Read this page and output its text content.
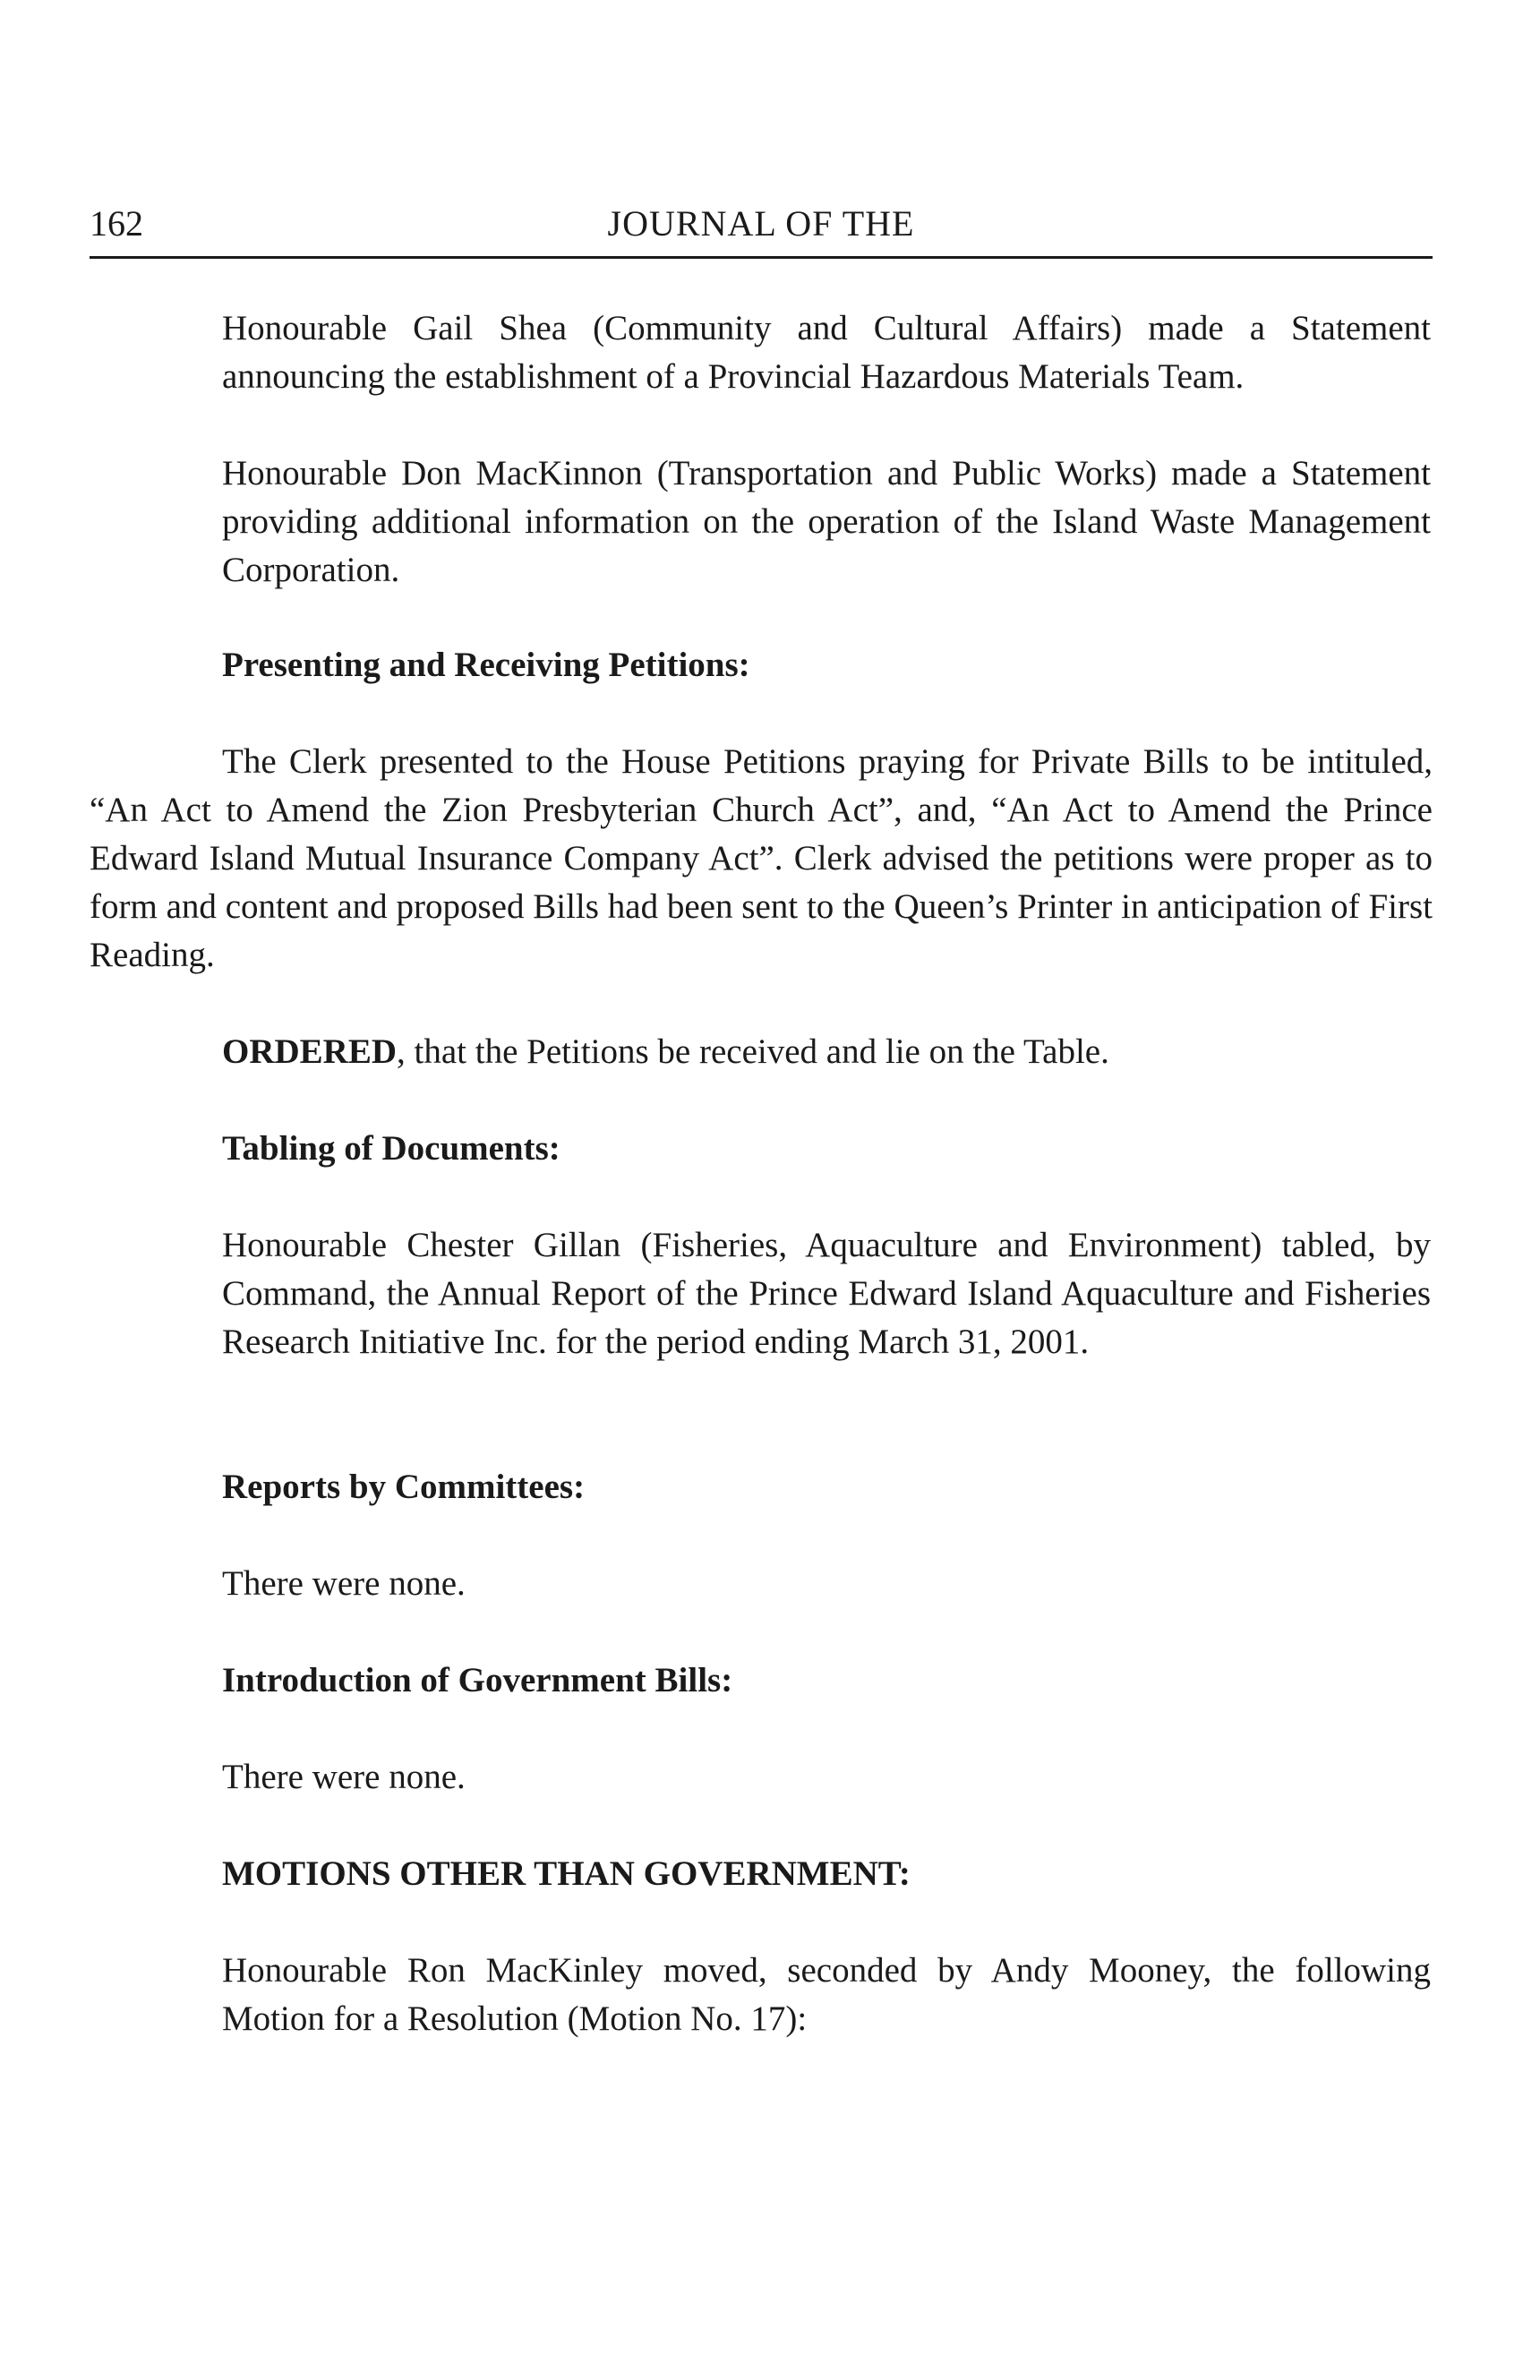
162	JOURNAL OF THE

Honourable Gail Shea (Community and Cultural Affairs) made a Statement announcing the establishment of a Provincial Hazardous Materials Team.

Honourable Don MacKinnon (Transportation and Public Works) made a Statement providing additional information on the operation of the Island Waste Management Corporation.

Presenting and Receiving Petitions:

The Clerk presented to the House Petitions praying for Private Bills to be intituled, “An Act to Amend the Zion Presbyterian Church Act”, and, “An Act to Amend the Prince Edward Island Mutual Insurance Company Act”. Clerk advised the petitions were proper as to form and content and proposed Bills had been sent to the Queen’s Printer in anticipation of First Reading.

ORDERED, that the Petitions be received and lie on the Table.

Tabling of Documents:

Honourable Chester Gillan (Fisheries, Aquaculture and Environment) tabled, by Command, the Annual Report of the Prince Edward Island Aquaculture and Fisheries Research Initiative Inc. for the period ending March 31, 2001.

Reports by Committees:

There were none.

Introduction of Government Bills:

There were none.

MOTIONS OTHER THAN GOVERNMENT:

Honourable Ron MacKinley moved, seconded by Andy Mooney, the following Motion for a Resolution (Motion No. 17):
